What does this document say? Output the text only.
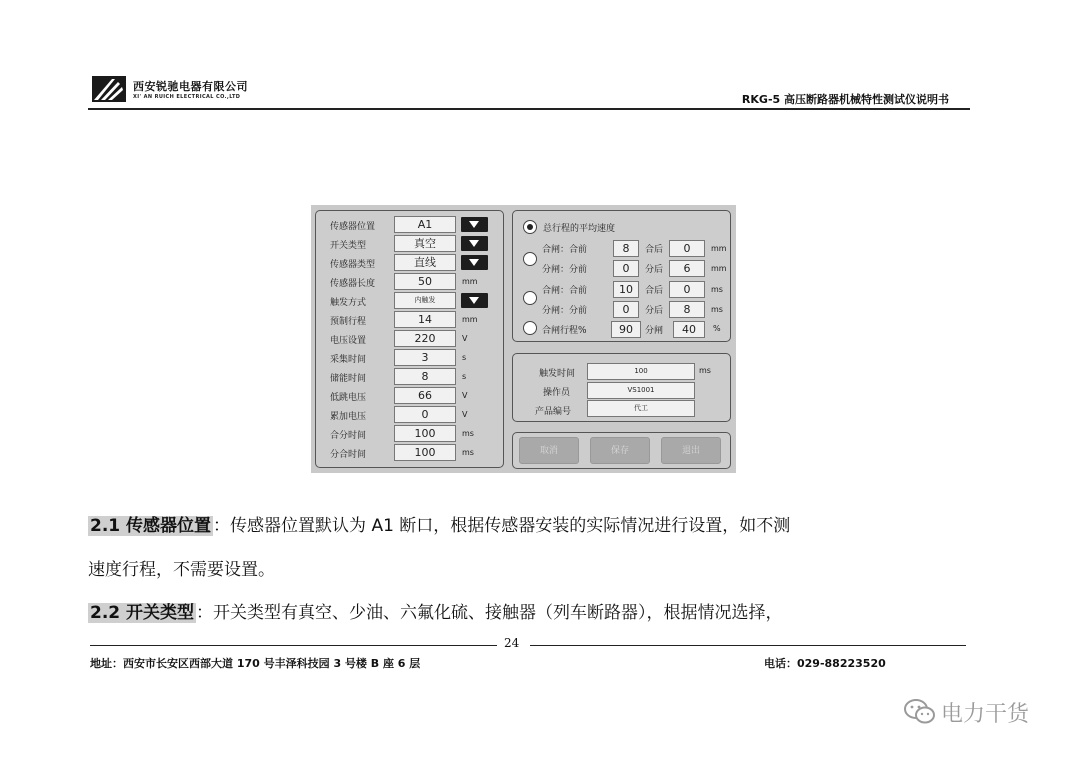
西安锐驰电器有限公司
XI' AN RUICH ELECTRICAL CO.,LTD	RKG-5 高压断路器机械特性测试仪说明书
传感器位置	A1
开关类型	真空
传感器类型	直线
传感器长度	50	mm
触发方式	内触发
预制行程	14	mm
电压设置	220	V
采集时间	3	s
储能时间	8	s
低跳电压	66	V
累加电压	0	V
合分时间	100	ms
分合时间	100	ms
总行程的平均速度
合闸：合前	8	合后	0	mm
分闸：分前	0	分后	6	mm
合闸：合前	10	合后	0	ms
分闸：分前	0	分后	8	ms
合闸行程%	90	分闸	40	%
触发时间	100	ms
操作员	VS1001
产品编号	代工
取消	保存	退出
2.1 传感器位置 ：传感器位置默认为 A1 断口，根据传感器安装的实际情况进行设置，如不测
速度行程，不需要设置。
2.2 开关类型 ：开关类型有真空、少油、六氟化硫、接触器（列车断路器），根据情况选择，
24
地址：西安市长安区西部大道 170 号丰泽科技园 3 号楼 B 座 6 层	电话：029-88223520
电力干货
